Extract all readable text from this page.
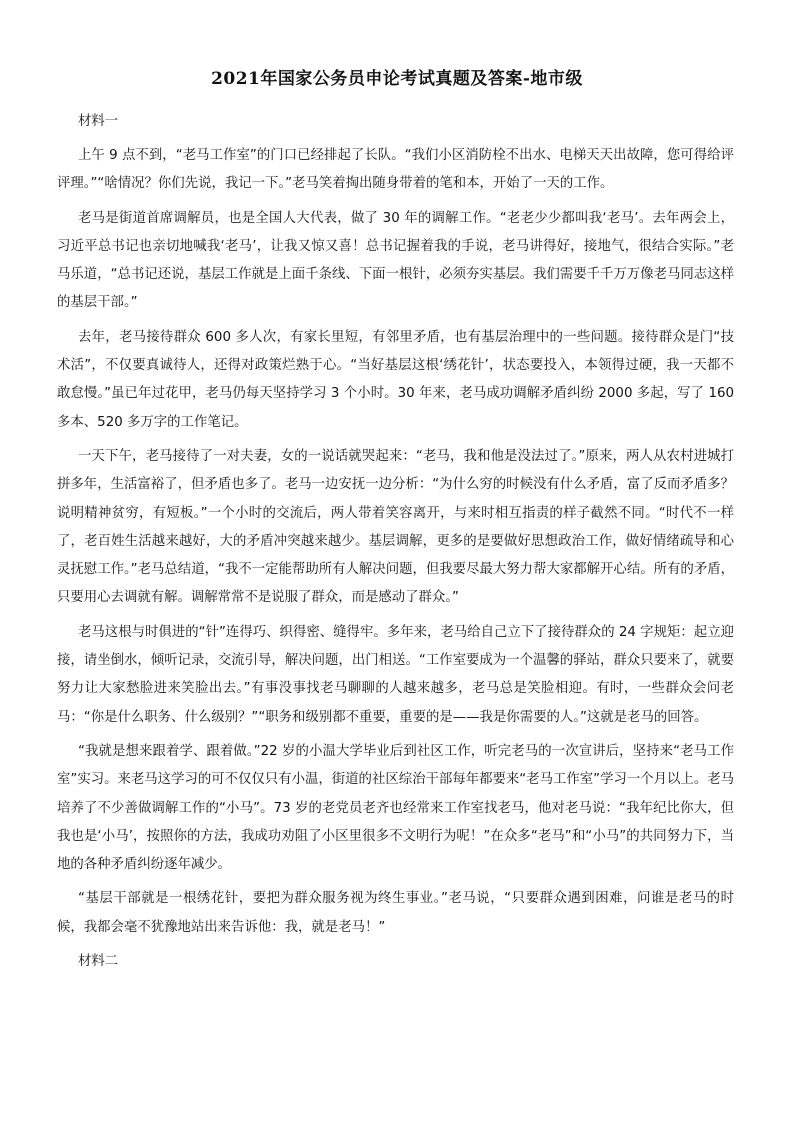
2021年国家公务员申论考试真题及答案-地市级
材料一

上午 9 点不到，“老马工作室”的门口已经排起了长队。“我们小区消防栓不出水、电梯天天出故障，您可得给评评理。”“啥情况？你们先说，我记一下。”老马笑着掏出随身带着的笔和本，开始了一天的工作。

老马是街道首席调解员，也是全国人大代表，做了 30 年的调解工作。“老老少少都叫我‘老马’。去年两会上，习近平总书记也亲切地喊我‘老马’，让我又惊又喜！总书记握着我的手说，老马讲得好，接地气，很结合实际。”老马乐道，“总书记还说，基层工作就是上面千条线、下面一根针，必须夯实基层。我们需要千千万万像老马同志这样的基层干部。”

去年，老马接待群众 600 多人次，有家长里短，有邻里矛盾，也有基层治理中的一些问题。接待群众是门“技术活”，不仅要真诚待人，还得对政策烂熟于心。“当好基层这根‘绣花针’，状态要投入，本领得过硬，我一天都不敢怠慢。”虽已年过花甲，老马仍每天坚持学习 3 个小时。30 年来，老马成功调解矛盾纠纷 2000 多起，写了 160 多本、520 多万字的工作笔记。

一天下午，老马接待了一对夫妻，女的一说话就哭起来：“老马，我和他是没法过了。”原来，两人从农村进城打拼多年，生活富裕了，但矛盾也多了。老马一边安抚一边分析：“为什么穷的时候没有什么矛盾，富了反而矛盾多？说明精神贫穷，有短板。”一个小时的交流后，两人带着笑容离开，与来时相互指责的样子截然不同。“时代不一样了，老百姓生活越来越好，大的矛盾冲突越来越少。基层调解，更多的是要做好思想政治工作，做好情绪疏导和心灵抚慰工作。”老马总结道，“我不一定能帮助所有人解决问题，但我要尽最大努力帮大家都解开心结。所有的矛盾，只要用心去调就有解。调解常常不是说服了群众，而是感动了群众。”

老马这根与时俱进的“针”连得巧、织得密、缝得牢。多年来，老马给自己立下了接待群众的 24 字规矩：起立迎接，请坐倒水，倾听记录，交流引导，解决问题，出门相送。“工作室要成为一个温馨的驿站，群众只要来了，就要努力让大家愁脸进来笑脸出去。”有事没事找老马聊聊的人越来越多，老马总是笑脸相迎。有时，一些群众会问老马：“你是什么职务、什么级别？”“职务和级别都不重要，重要的是——我是你需要的人。”这就是老马的回答。

“我就是想来跟着学、跟着做。”22 岁的小温大学毕业后到社区工作，听完老马的一次宣讲后，坚持来“老马工作室”实习。来老马这学习的可不仅仅只有小温，街道的社区综治干部每年都要来“老马工作室”学习一个月以上。老马培养了不少善做调解工作的“小马”。73 岁的老党员老齐也经常来工作室找老马，他对老马说：“我年纪比你大，但我也是‘小马’，按照你的方法，我成功劝阻了小区里很多不文明行为呢！”在众多“老马”和“小马”的共同努力下，当地的各种矛盾纠纷逐年减少。

“基层干部就是一根绣花针，要把为群众服务视为终生事业。”老马说，“只要群众遇到困难，问谁是老马的时候，我都会毫不犹豫地站出来告诉他：我，就是老马！”

材料二
